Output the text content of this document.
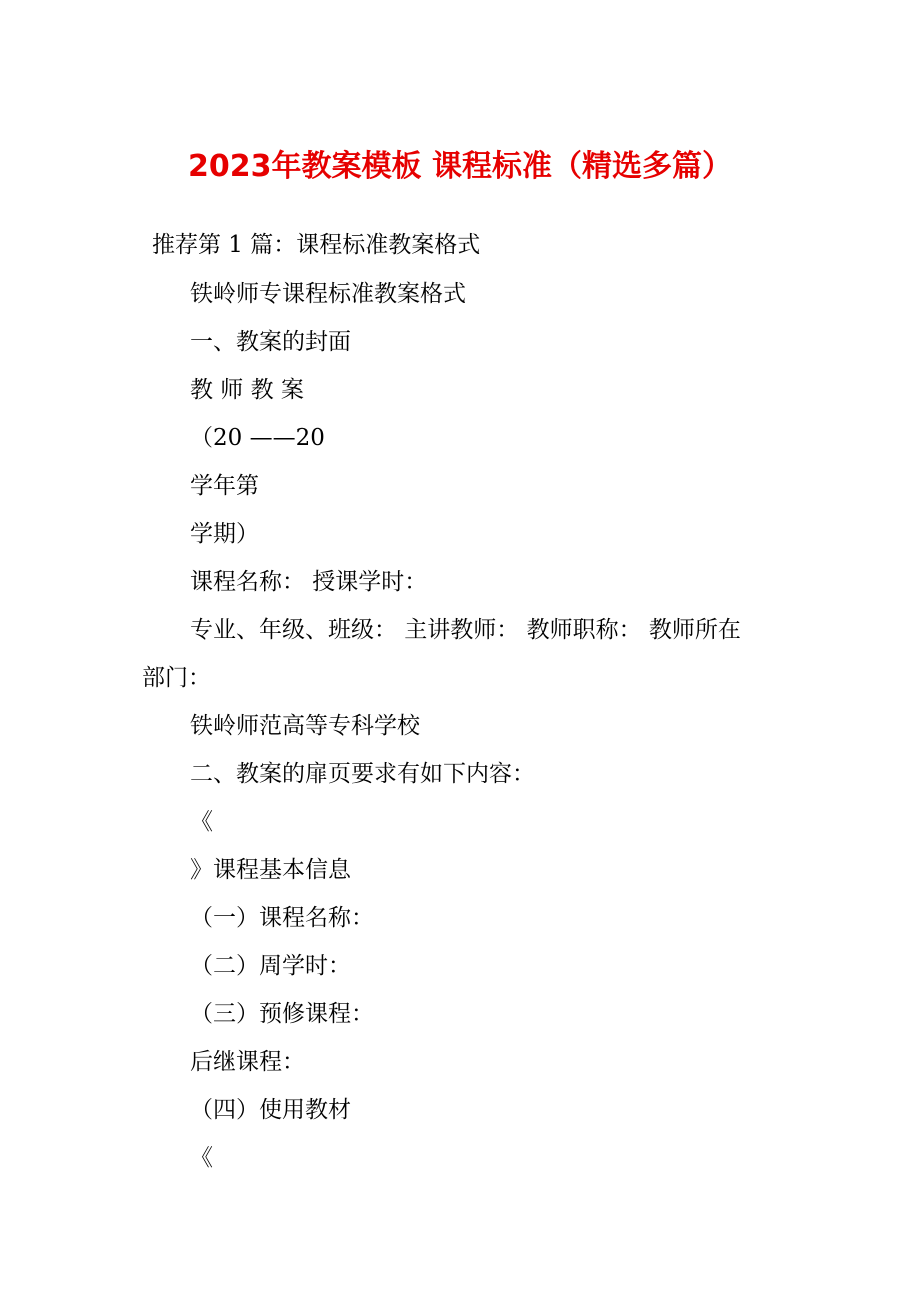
2023年教案模板 课程标准（精选多篇）
推荐第 1 篇：课程标准教案格式
铁岭师专课程标准教案格式
一、教案的封面
教 师 教 案
（20 ——20
学年第
学期）
课程名称： 授课学时：
专业、年级、班级： 主讲教师： 教师职称： 教师所在
部门：
铁岭师范高等专科学校
二、教案的扉页要求有如下内容：
《
》课程基本信息
（一）课程名称：
（二）周学时：
（三）预修课程：
后继课程：
（四）使用教材
《
